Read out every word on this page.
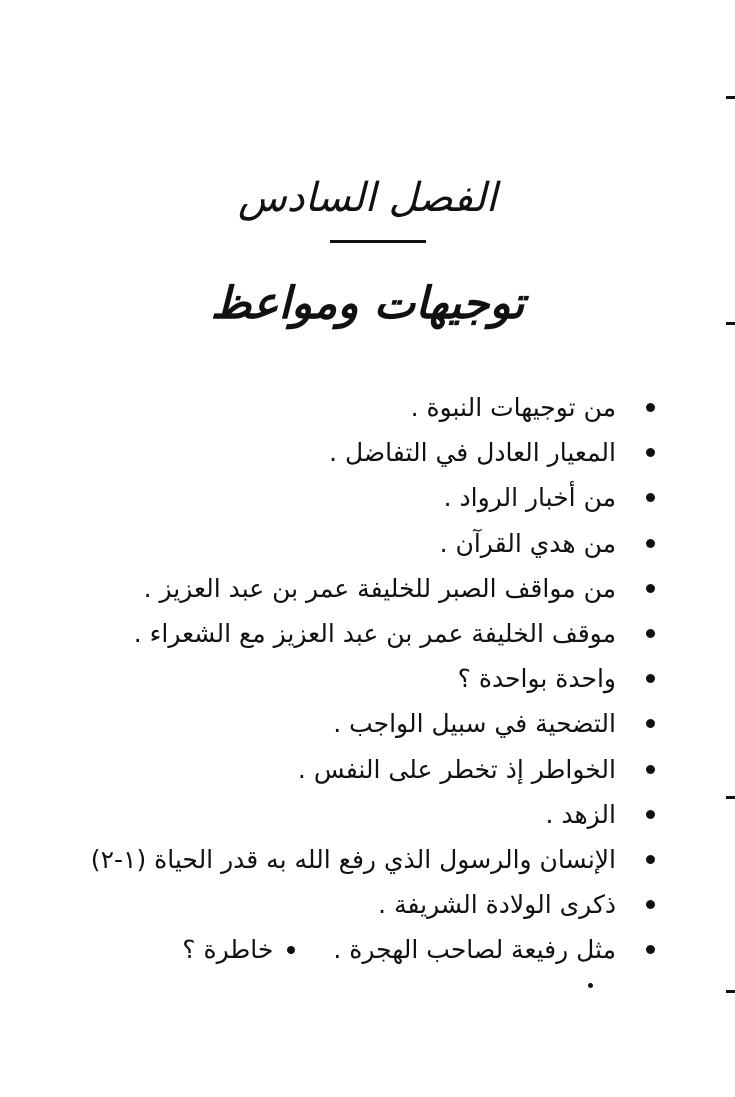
الفصل السادس
توجيهات ومواعظ
من توجيهات النبوة .
المعيار العادل في التفاضل .
من أخبار الرواد .
من هدي القرآن .
من مواقف الصبر للخليفة عمر بن عبد العزيز .
موقف الخليفة عمر بن عبد العزيز مع الشعراء .
واحدة بواحدة ؟
التضحية في سبيل الواجب .
الخواطر إذ تخطر على النفس .
الزهد .
الإنسان والرسول الذي رفع الله به قدر الحياة (١-٢)
ذكرى الولادة الشريفة .
مثل رفيعة لصاحب الهجرة .
خاطرة ؟
